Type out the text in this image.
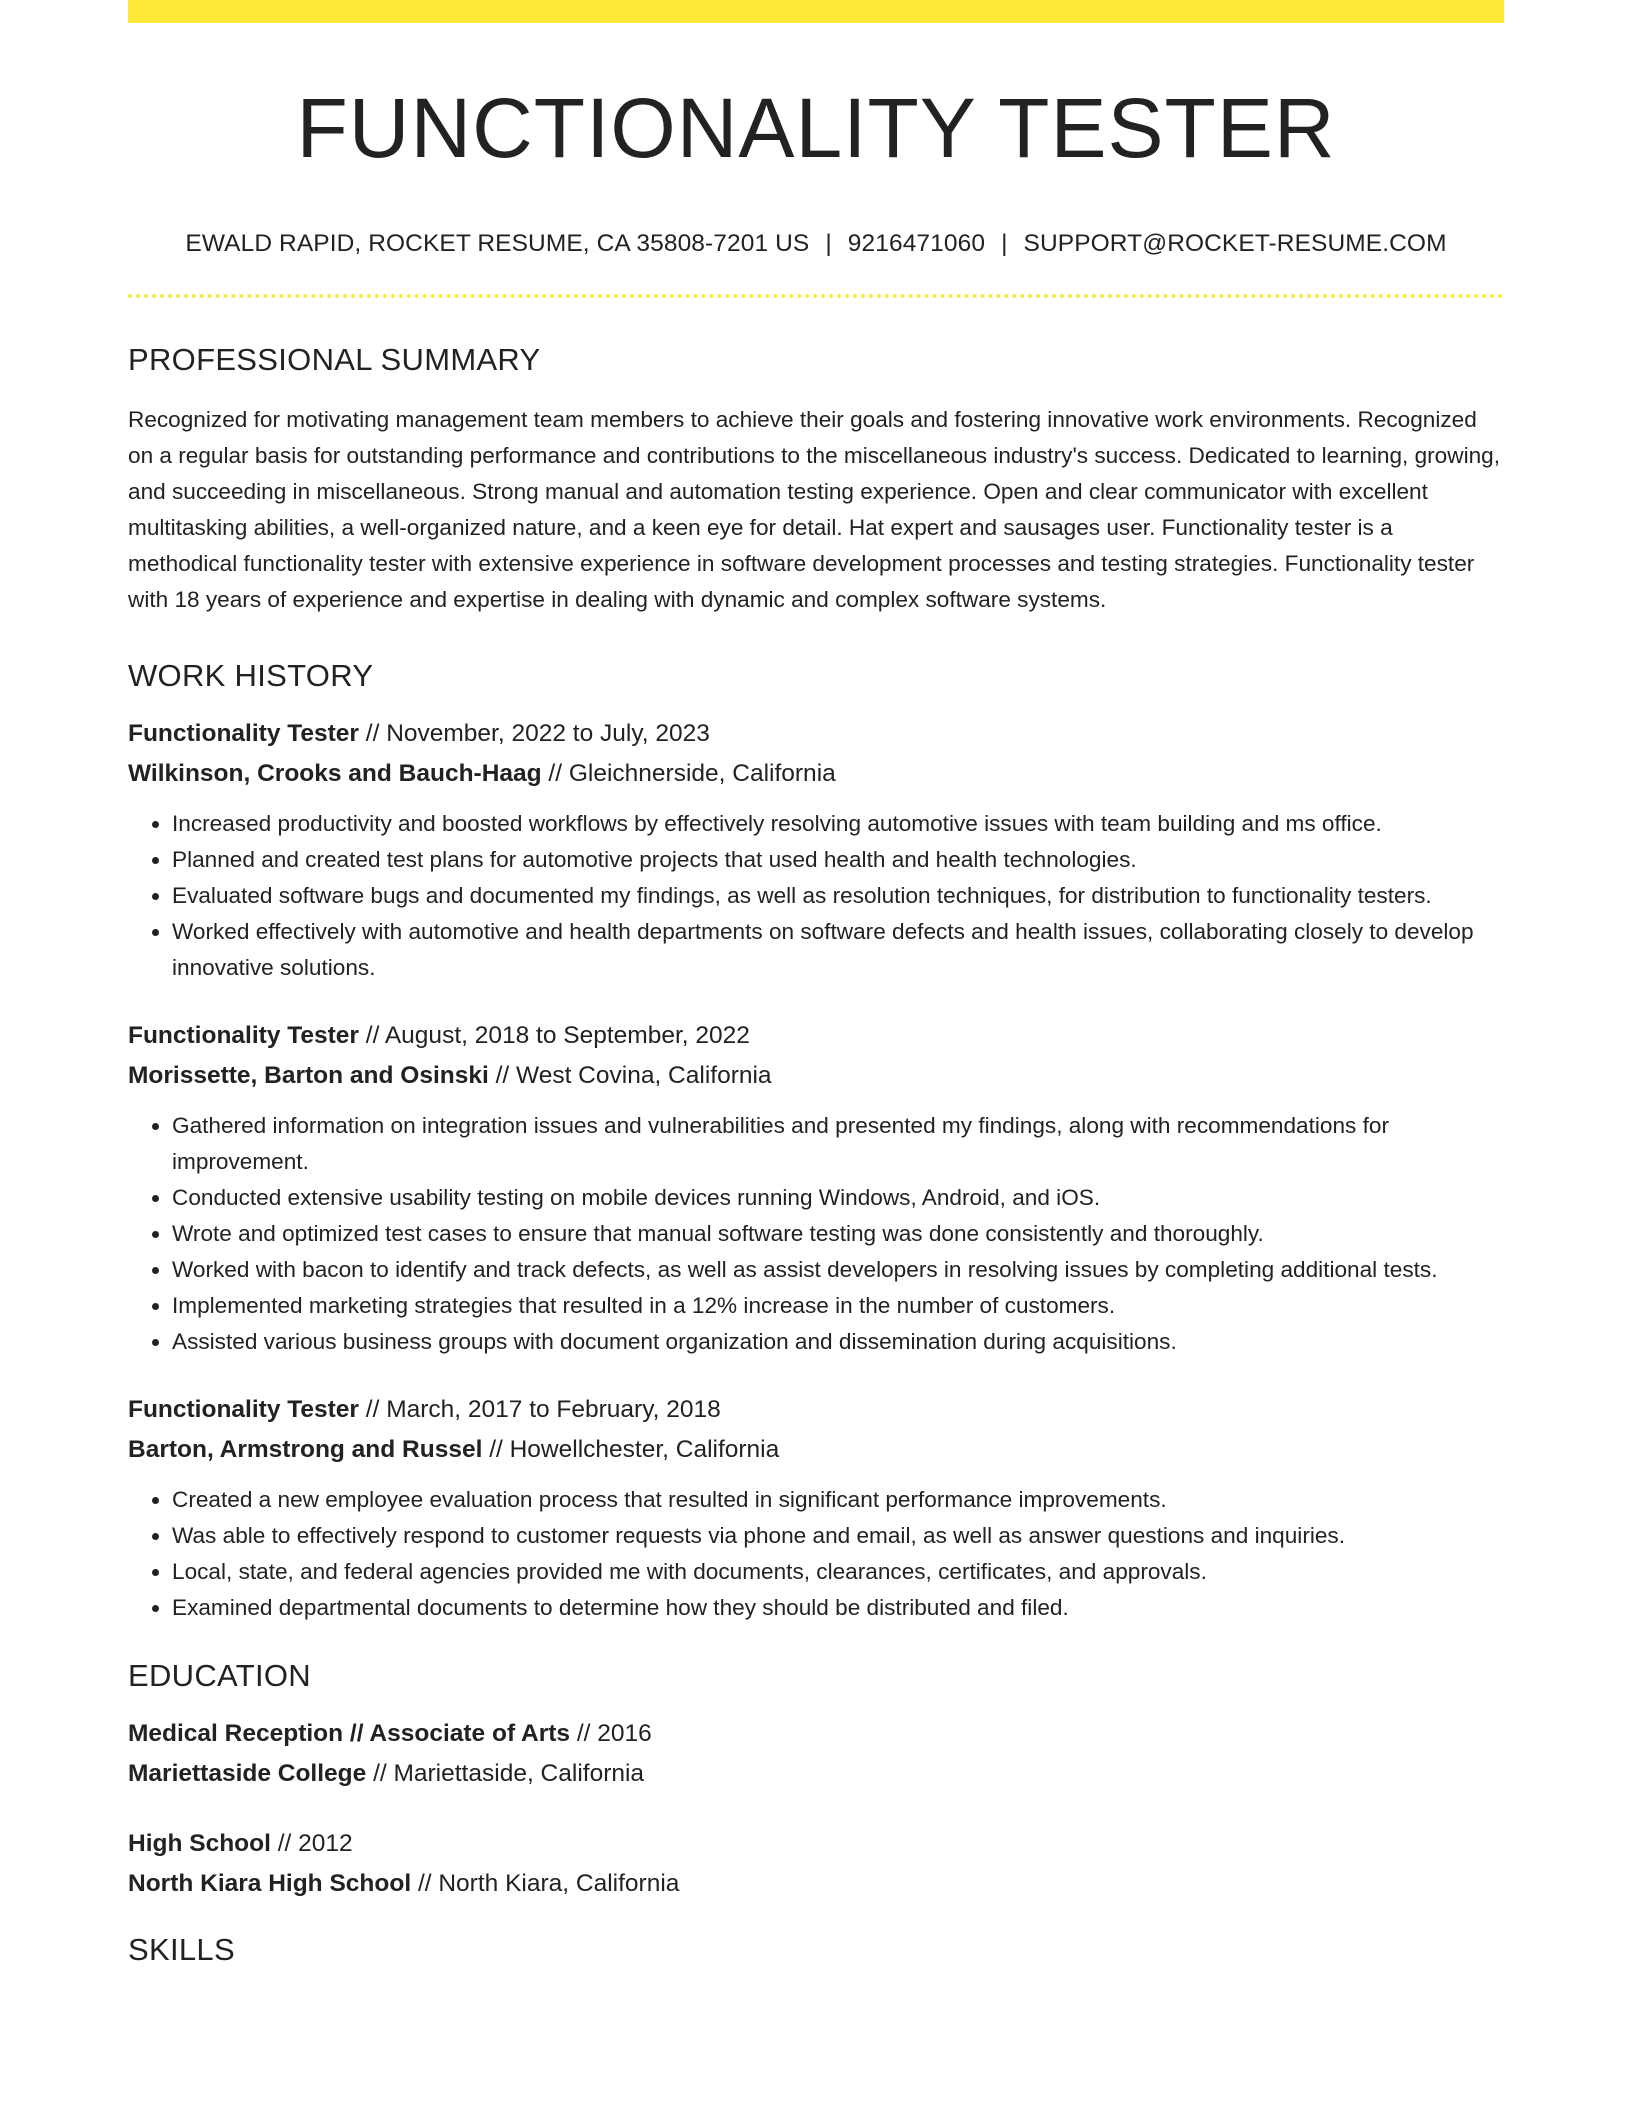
FUNCTIONALITY TESTER
EWALD RAPID, ROCKET RESUME, CA 35808-7201 US | 9216471060 | SUPPORT@ROCKET-RESUME.COM
PROFESSIONAL SUMMARY

Recognized for motivating management team members to achieve their goals and fostering innovative work environments. Recognized on a regular basis for outstanding performance and contributions to the miscellaneous industry's success. Dedicated to learning, growing, and succeeding in miscellaneous. Strong manual and automation testing experience. Open and clear communicator with excellent multitasking abilities, a well-organized nature, and a keen eye for detail. Hat expert and sausages user. Functionality tester is a methodical functionality tester with extensive experience in software development processes and testing strategies. Functionality tester with 18 years of experience and expertise in dealing with dynamic and complex software systems.

WORK HISTORY
Functionality Tester // November, 2022 to July, 2023
Wilkinson, Crooks and Bauch-Haag // Gleichnerside, California
• Increased productivity and boosted workflows by effectively resolving automotive issues with team building and ms office.
• Planned and created test plans for automotive projects that used health and health technologies.
• Evaluated software bugs and documented my findings, as well as resolution techniques, for distribution to functionality testers.
• Worked effectively with automotive and health departments on software defects and health issues, collaborating closely to develop innovative solutions.
Functionality Tester // August, 2018 to September, 2022
Morissette, Barton and Osinski // West Covina, California
• Gathered information on integration issues and vulnerabilities and presented my findings, along with recommendations for improvement.
• Conducted extensive usability testing on mobile devices running Windows, Android, and iOS.
• Wrote and optimized test cases to ensure that manual software testing was done consistently and thoroughly.
• Worked with bacon to identify and track defects, as well as assist developers in resolving issues by completing additional tests.
• Implemented marketing strategies that resulted in a 12% increase in the number of customers.
• Assisted various business groups with document organization and dissemination during acquisitions.
Functionality Tester // March, 2017 to February, 2018
Barton, Armstrong and Russel // Howellchester, California
• Created a new employee evaluation process that resulted in significant performance improvements.
• Was able to effectively respond to customer requests via phone and email, as well as answer questions and inquiries.
• Local, state, and federal agencies provided me with documents, clearances, certificates, and approvals.
• Examined departmental documents to determine how they should be distributed and filed.
EDUCATION
Medical Reception // Associate of Arts // 2016
Mariettaside College // Mariettaside, California
High School // 2012
North Kiara High School // North Kiara, California
SKILLS
